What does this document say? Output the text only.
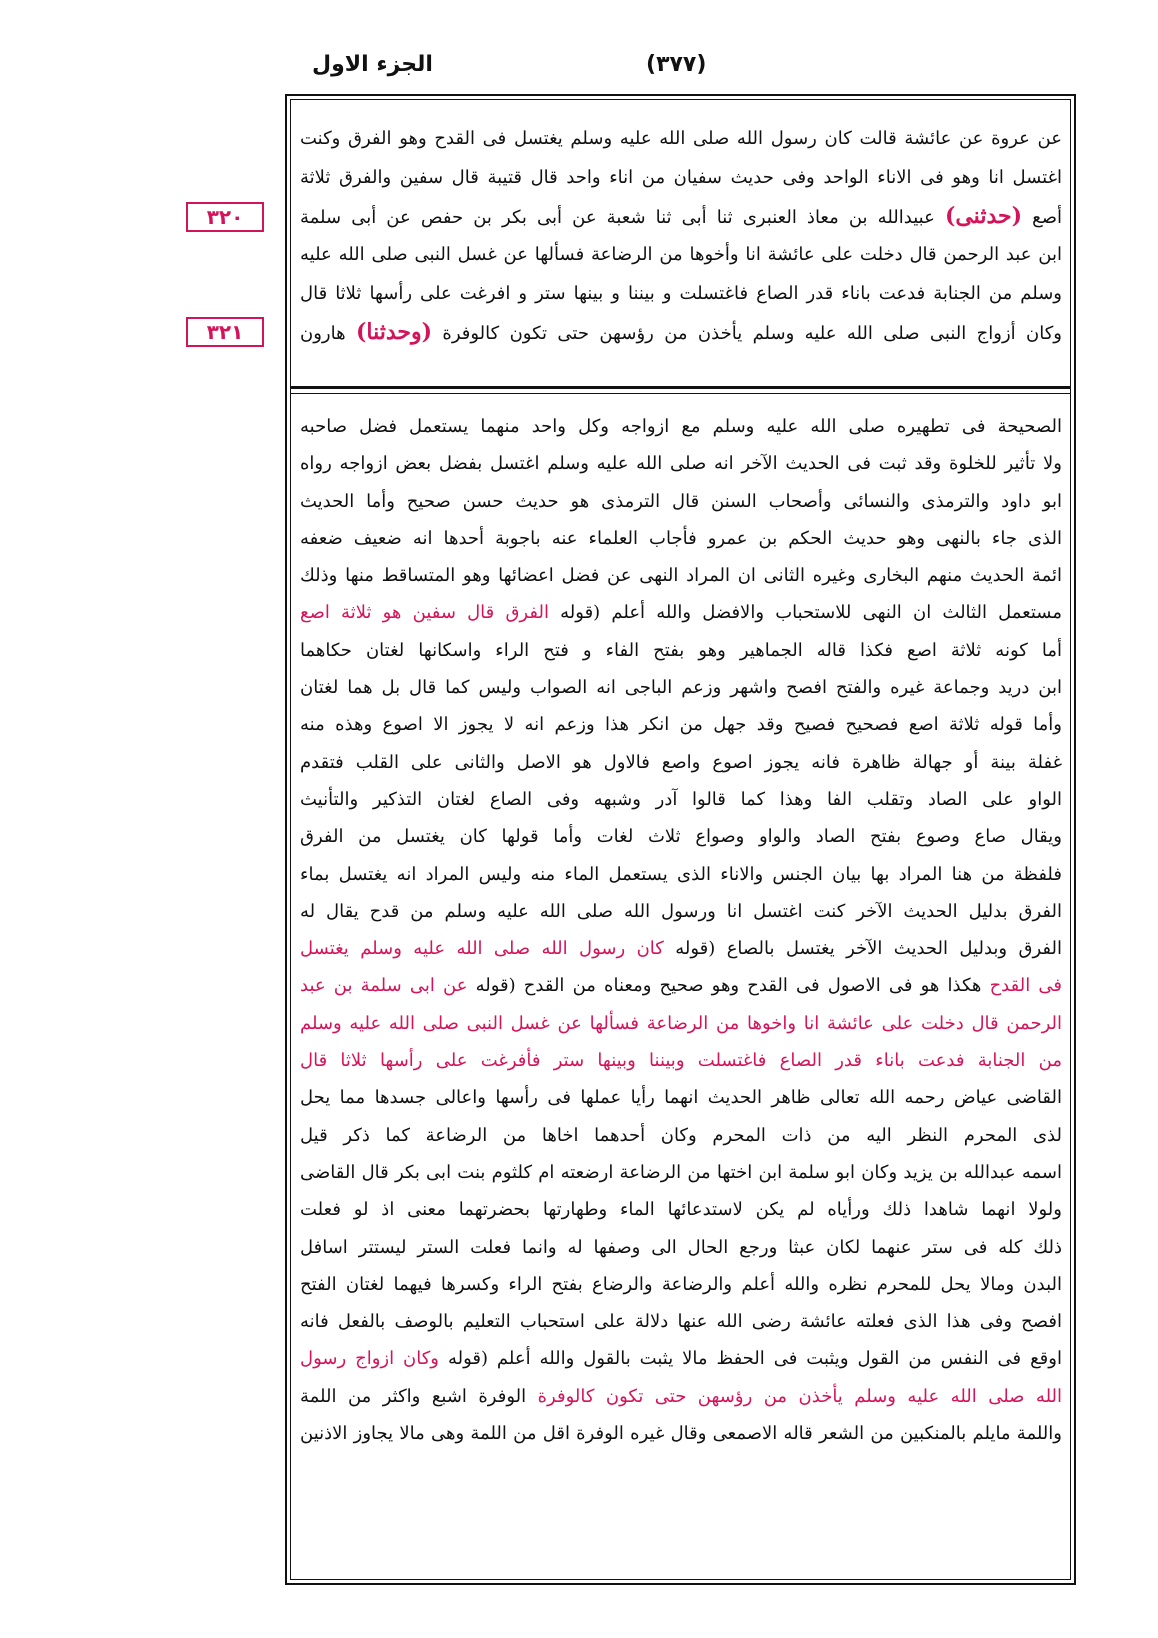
الجزء الاول	(٣٧٧)
٣٢٠
٣٢١
عن عروة عن عائشة قالت كان رسول الله صلى الله عليه وسلم يغتسل فى القدح وهو الفرق وكنت
اغتسل انا وهو فى الاناء الواحد وفى حديث سفيان من اناء واحد قال قتيبة قال سفين والفرق ثلاثة
أصع (حدثنى) عبيدالله بن معاذ العنبرى ثنا أبى ثنا شعبة عن أبى بكر بن حفص عن أبى سلمة
ابن عبد الرحمن قال دخلت على عائشة انا وأخوها من الرضاعة فسألها عن غسل النبى صلى الله عليه
وسلم من الجنابة فدعت باناء قدر الصاع فاغتسلت و بيننا و بينها ستر و افرغت على رأسها ثلاثا قال
وكان أزواج النبى صلى الله عليه وسلم يأخذن من رؤسهن حتى تكون كالوفرة (وحدثنا) هارون
الصحيحة فى تطهيره صلى الله عليه وسلم مع ازواجه وكل واحد منهما يستعمل فضل صاحبه
ولا تأثير للخلوة وقد ثبت فى الحديث الآخر انه صلى الله عليه وسلم اغتسل بفضل بعض ازواجه رواه
ابو داود والترمذى والنسائى وأصحاب السنن قال الترمذى هو حديث حسن صحيح وأما الحديث
الذى جاء بالنهى وهو حديث الحكم بن عمرو فأجاب العلماء عنه باجوبة أحدها انه ضعيف ضعفه
ائمة الحديث منهم البخارى وغيره الثانى ان المراد النهى عن فضل اعضائها وهو المتساقط منها وذلك
مستعمل الثالث ان النهى للاستحباب والافضل والله أعلم (قوله الفرق قال سفين هو ثلاثة اصع
أما كونه ثلاثة اصع فكذا قاله الجماهير وهو بفتح الفاء و فتح الراء واسكانها لغتان حكاهما
ابن دريد وجماعة غيره والفتح افصح واشهر وزعم الباجى انه الصواب وليس كما قال بل هما لغتان
وأما قوله ثلاثة اصع فصحيح فصيح وقد جهل من انكر هذا وزعم انه لا يجوز الا اصوع وهذه منه
غفلة بينة أو جهالة ظاهرة فانه يجوز اصوع واصع فالاول هو الاصل والثانى على القلب فتقدم
الواو على الصاد وتقلب الفا وهذا كما قالوا آدر وشبهه وفى الصاع لغتان التذكير والتأنيث
ويقال صاع وصوع بفتح الصاد والواو وصواع ثلاث لغات وأما قولها كان يغتسل من الفرق
فلفظة من هنا المراد بها بيان الجنس والاناء الذى يستعمل الماء منه وليس المراد انه يغتسل بماء
الفرق بدليل الحديث الآخر كنت اغتسل انا ورسول الله صلى الله عليه وسلم من قدح يقال له
الفرق وبدليل الحديث الآخر يغتسل بالصاع (قوله كان رسول الله صلى الله عليه وسلم يغتسل
فى القدح هكذا هو فى الاصول فى القدح وهو صحيح ومعناه من القدح (قوله عن ابى سلمة بن عبد
الرحمن قال دخلت على عائشة انا واخوها من الرضاعة فسألها عن غسل النبى صلى الله عليه وسلم
من الجنابة فدعت باناء قدر الصاع فاغتسلت وبيننا وبينها ستر فأفرغت على رأسها ثلاثا قال
القاضى عياض رحمه الله تعالى ظاهر الحديث انهما رأيا عملها فى رأسها واعالى جسدها مما يحل
لذى المحرم النظر اليه من ذات المحرم وكان أحدهما اخاها من الرضاعة كما ذكر قيل
اسمه عبدالله بن يزيد وكان ابو سلمة ابن اختها من الرضاعة ارضعته ام كلثوم بنت ابى بكر قال القاضى
ولولا انهما شاهدا ذلك ورأياه لم يكن لاستدعائها الماء وطهارتها بحضرتهما معنى اذ لو فعلت
ذلك كله فى ستر عنهما لكان عبثا ورجع الحال الى وصفها له وانما فعلت الستر ليستتر اسافل
البدن ومالا يحل للمحرم نظره والله أعلم والرضاعة والرضاع بفتح الراء وكسرها فيهما لغتان الفتح
افصح وفى هذا الذى فعلته عائشة رضى الله عنها دلالة على استحباب التعليم بالوصف بالفعل فانه
اوقع فى النفس من القول ويثبت فى الحفظ مالا يثبت بالقول والله أعلم (قوله وكان ازواج رسول
الله صلى الله عليه وسلم يأخذن من رؤسهن حتى تكون كالوفرة الوفرة اشبع واكثر من اللمة
واللمة مايلم بالمنكبين من الشعر قاله الاصمعى وقال غيره الوفرة اقل من اللمة وهى مالا يجاوز الاذنين
